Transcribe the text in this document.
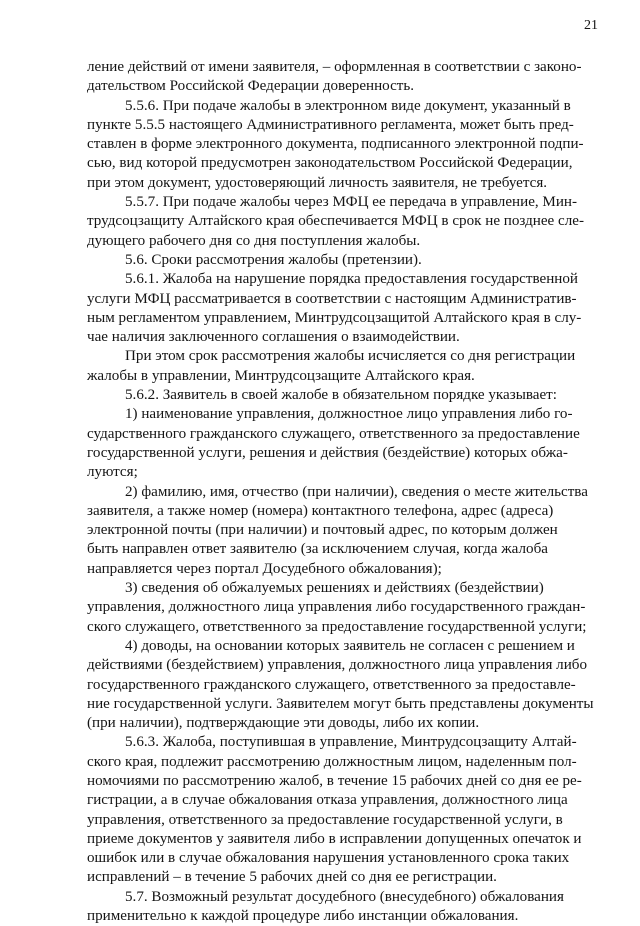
21

ление действий от имени заявителя, – оформленная в соответствии с законо-
дательством Российской Федерации доверенность.

5.5.6. При подаче жалобы в электронном виде документ, указанный в
пункте 5.5.5 настоящего Административного регламента, может быть пред-
ставлен в форме электронного документа, подписанного электронной подпи-
сью, вид которой предусмотрен законодательством Российской Федерации,
при этом документ, удостоверяющий личность заявителя, не требуется.

5.5.7. При подаче жалобы через МФЦ ее передача в управление, Мин-
трудсоцзащиту Алтайского края обеспечивается МФЦ в срок не позднее сле-
дующего рабочего дня со дня поступления жалобы.

5.6. Сроки рассмотрения жалобы (претензии).

5.6.1. Жалоба на нарушение порядка предоставления государственной
услуги МФЦ рассматривается в соответствии с настоящим Административ-
ным регламентом управлением, Минтрудсоцзащитой Алтайского края в слу-
чае наличия заключенного соглашения о взаимодействии.

При этом срок рассмотрения жалобы исчисляется со дня регистрации
жалобы в управлении, Минтрудсоцзащите Алтайского края.

5.6.2. Заявитель в своей жалобе в обязательном порядке указывает:

1) наименование управления, должностное лицо управления либо го-
сударственного гражданского служащего, ответственного за предоставление
государственной услуги, решения и действия (бездействие) которых обжа-
луются;

2) фамилию, имя, отчество (при наличии), сведения о месте жительства
заявителя, а также номер (номера) контактного телефона, адрес (адреса)
электронной почты (при наличии) и почтовый адрес, по которым должен
быть направлен ответ заявителю (за исключением случая, когда жалоба
направляется через портал Досудебного обжалования);

3) сведения об обжалуемых решениях и действиях (бездействии)
управления, должностного лица управления либо государственного граждан-
ского служащего, ответственного за предоставление государственной услуги;

4) доводы, на основании которых заявитель не согласен с решением и
действиями (бездействием) управления, должностного лица управления либо
государственного гражданского служащего, ответственного за предоставле-
ние государственной услуги. Заявителем могут быть представлены документы
(при наличии), подтверждающие эти доводы, либо их копии.

5.6.3. Жалоба, поступившая в управление, Минтрудсоцзащиту Алтай-
ского края, подлежит рассмотрению должностным лицом, наделенным пол-
номочиями по рассмотрению жалоб, в течение 15 рабочих дней со дня ее ре-
гистрации, а в случае обжалования отказа управления, должностного лица
управления, ответственного за предоставление государственной услуги, в
приеме документов у заявителя либо в исправлении допущенных опечаток и
ошибок или в случае обжалования нарушения установленного срока таких
исправлений – в течение 5 рабочих дней со дня ее регистрации.

5.7. Возможный результат досудебного (внесудебного) обжалования
применительно к каждой процедуре либо инстанции обжалования.
